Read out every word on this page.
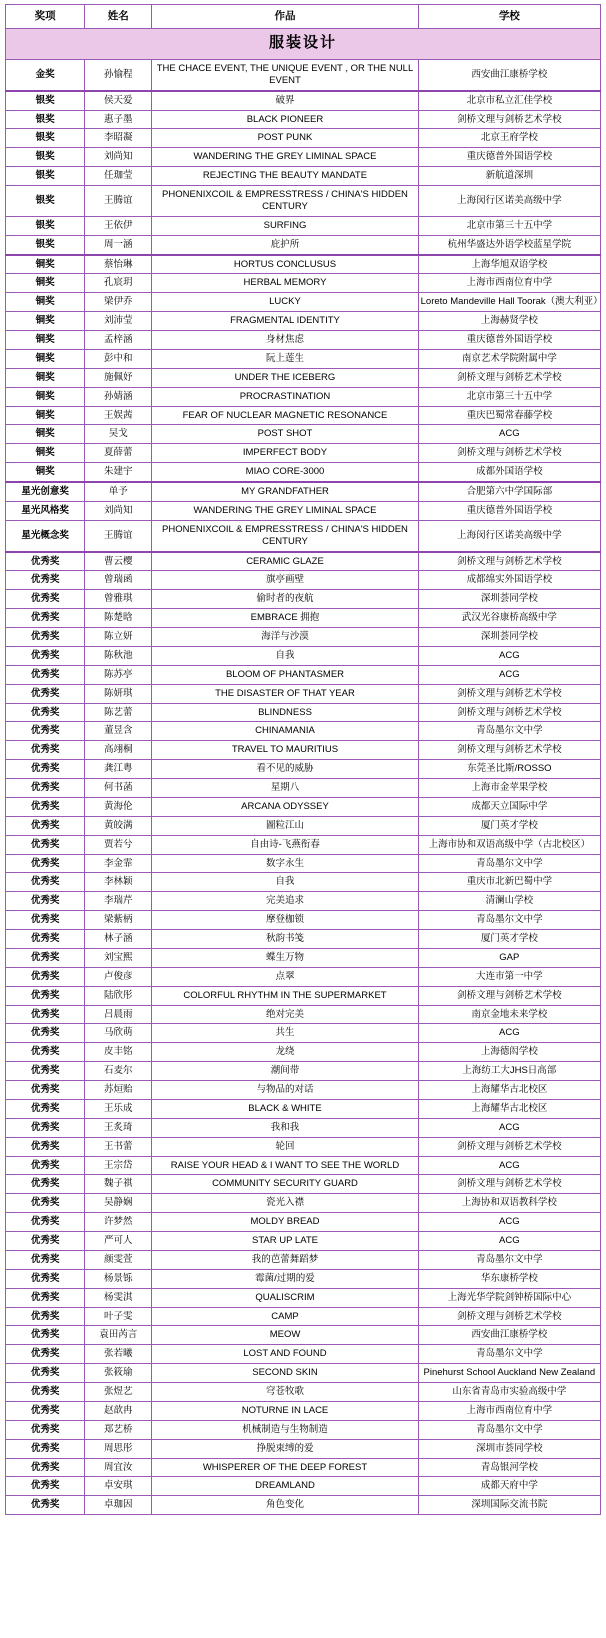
服装设计			
奖项	姓名	作品	学校
金奖	孙愉程	THE CHACE EVENT, THE UNIQUE EVENT , OR THE NULL EVENT	西安曲江康桥学校
银奖	侯天爱	破界	北京市私立汇佳学校
银奖	惠子墨	BLACK PIONEER	剑桥文理与剑桥艺术学校
银奖	李昭凝	POST PUNK	北京王府学校
银奖	刘尚知	WANDERING THE GREY LIMINAL SPACE	重庆德普外国语学校
银奖	任珈莹	REJECTING THE BEAUTY MANDATE	新航道深圳
银奖	王腾谊	PHONENIXCOIL & EMPRESSTRESS / CHINA'S HIDDEN CENTURY	上海闵行区诺美高级中学
银奖	王依伊	SURFING	北京市第三十五中学
银奖	周一涵	庇护所	杭州华盛达外语学校蓝星学院
铜奖	蔡怡琳	HORTUS CONCLUSUS	上海华旭双语学校
铜奖	孔宸玥	HERBAL MEMORY	上海市西南位育中学
铜奖	梁伊乔	LUCKY	Loreto Mandeville Hall Toorak（澳大利亚）
铜奖	刘沛莹	FRAGMENTAL IDENTITY	上海赫贤学校
铜奖	孟梓涵	身材焦虑	重庆德普外国语学校
铜奖	彭中和	阮上莲生	南京艺术学院附属中学
铜奖	施佩妤	UNDER THE ICEBERG	剑桥文理与剑桥艺术学校
铜奖	孙婧涵	PROCRASTINATION	北京市第三十五中学
铜奖	王娱茜	FEAR OF NUCLEAR MAGNETIC RESONANCE	重庆巴蜀常春藤学校
铜奖	吴戈	POST SHOT	ACG
铜奖	夏薛蕾	IMPERFECT BODY	剑桥文理与剑桥艺术学校
铜奖	朱建宇	MIAO CORE-3000	成都外国语学校
星光创意奖	单予	MY GRANDFATHER	合肥第六中学国际部
星光风格奖	刘尚知	WANDERING THE GREY LIMINAL SPACE	重庆德普外国语学校
星光概念奖	王腾谊	PHONENIXCOIL & EMPRESSTRESS / CHINA'S HIDDEN CENTURY	上海闵行区诺美高级中学
优秀奖	曹云樱	CERAMIC GLAZE	剑桥文理与剑桥艺术学校
优秀奖	曾瑞函	旗亭画壁	成都绵实外国语学校
优秀奖	曾雅琪	偷时者的夜航	深圳荟同学校
优秀奖	陈楚晗	EMBRACE 拥抱	武汉光谷康桥高级中学
优秀奖	陈立妍	海洋与沙漠	深圳荟同学校
优秀奖	陈秋池	自我	ACG
优秀奖	陈苏亭	BLOOM OF PHANTASMER	ACG
优秀奖	陈妍琪	THE DISASTER OF THAT YEAR	剑桥文理与剑桥艺术学校
优秀奖	陈艺蕾	BLINDNESS	剑桥文理与剑桥艺术学校
优秀奖	董昱含	CHINAMANIA	青岛墨尔文中学
优秀奖	高翊桐	TRAVEL TO MAURITIUS	剑桥文理与剑桥艺术学校
优秀奖	龚江粤	看不见的威胁	东莞圣比斯/ROSSO
优秀奖	何书菡	星期八	上海市金苹果学校
优秀奖	黄海伦	ARCANA ODYSSEY	成都天立国际中学
优秀奖	黄皎满	圖粒江山	厦门英才学校
优秀奖	贾若兮	自由诗-飞燕衔春	上海市协和双语高级中学（古北校区）
优秀奖	李金霏	数字永生	青岛墨尔文中学
优秀奖	李林颖	自我	重庆市北新巴蜀中学
优秀奖	李瑞芹	完美追求	清澜山学校
优秀奖	梁紫柄	摩登枷锁	青岛墨尔文中学
优秀奖	林子涵	秋韵书笺	厦门英才学校
优秀奖	刘宝熙	蝶生万物	GAP
优秀奖	卢俊彦	点翠	大连市第一中学
优秀奖	陆欣彤	COLORFUL RHYTHM IN THE SUPERMARKET	剑桥文理与剑桥艺术学校
优秀奖	吕晨雨	绝对完美	南京金地未来学校
优秀奖	马欣萌	共生	ACG
优秀奖	皮丰铭	龙绕	上海德闳学校
优秀奖	石麦尔	潮间带	上海纺工大JHS日高部
优秀奖	苏烜贻	与物品的对话	上海耀华古北校区
优秀奖	王乐成	BLACK & WHITE	上海耀华古北校区
优秀奖	王炙琦	我和我	ACG
优秀奖	王书蕾	轮回	剑桥文理与剑桥艺术学校
优秀奖	王宗岱	RAISE YOUR HEAD & I WANT TO SEE THE WORLD	ACG
优秀奖	魏子祺	COMMUNITY SECURITY GUARD	剑桥文理与剑桥艺术学校
优秀奖	吴静娴	瓷光入襟	上海协和双语教科学校
优秀奖	许梦然	MOLDY BREAD	ACG
优秀奖	严可人	STAR UP LATE	ACG
优秀奖	颜雯萱	我的芭蕾舞蹈梦	青岛墨尔文中学
优秀奖	杨景铄	霉菌/过期的爱	华东康桥学校
优秀奖	杨雯淇	QUALISCRIM	上海光华学院剑钟桥国际中心
优秀奖	叶子雯	CAMP	剑桥文理与剑桥艺术学校
优秀奖	袁田芮言	MEOW	西安曲江康桥学校
优秀奖	张若曦	LOST AND FOUND	青岛墨尔文中学
优秀奖	张筱瑜	SECOND SKIN	Pinehurst School Auckland New Zealand
优秀奖	张煜艺	穹苍牧歌	山东省青岛市实验高级中学
优秀奖	赵歆冉	NOTURNE IN LACE	上海市西南位育中学
优秀奖	郑艺桥	机械制造与生物制造	青岛墨尔文中学
优秀奖	周思彤	挣脱束缚的爱	深圳市荟同学校
优秀奖	周宜汝	WHISPERER OF THE DEEP FOREST	青岛银河学校
优秀奖	卓安琪	DREAMLAND	成都天府中学
优秀奖	卓珈因	角色变化	深圳国际交流书院
